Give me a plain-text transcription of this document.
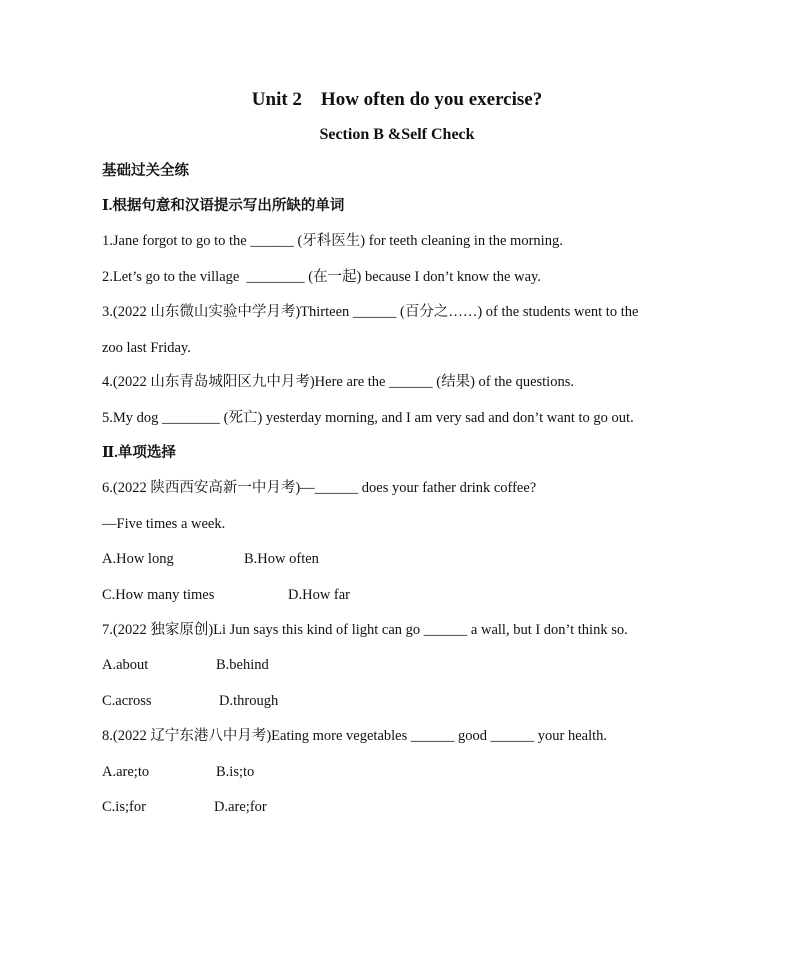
Unit 2    How often do you exercise?
Section B &Self Check
基础过关全练
Ⅰ.根据句意和汉语提示写出所缺的单词
1.Jane forgot to go to the ______ (牙科医生) for teeth cleaning in the morning.
2.Let’s go to the village  ________ (在一起) because I don’t know the way.
3.(2022 山东微山实验中学月考)Thirteen ______ (百分之……) of the students went to the
zoo last Friday.
4.(2022 山东青岛城阳区九中月考)Here are the ______ (结果) of the questions.
5.My dog ________ (死亡) yesterday morning, and I am very sad and don’t want to go out.
Ⅱ.单项选择
6.(2022 陕西西安高新一中月考)—______ does your father drink coffee?
—Five times a week.
A.How long	B.How often
C.How many times	D.How far
7.(2022 独家原创)Li Jun says this kind of light can go ______ a wall, but I don’t think so.
A.about	B.behind
C.across	D.through
8.(2022 辽宁东港八中月考)Eating more vegetables ______ good ______ your health.
A.are;to	B.is;to
C.is;for	D.are;for
